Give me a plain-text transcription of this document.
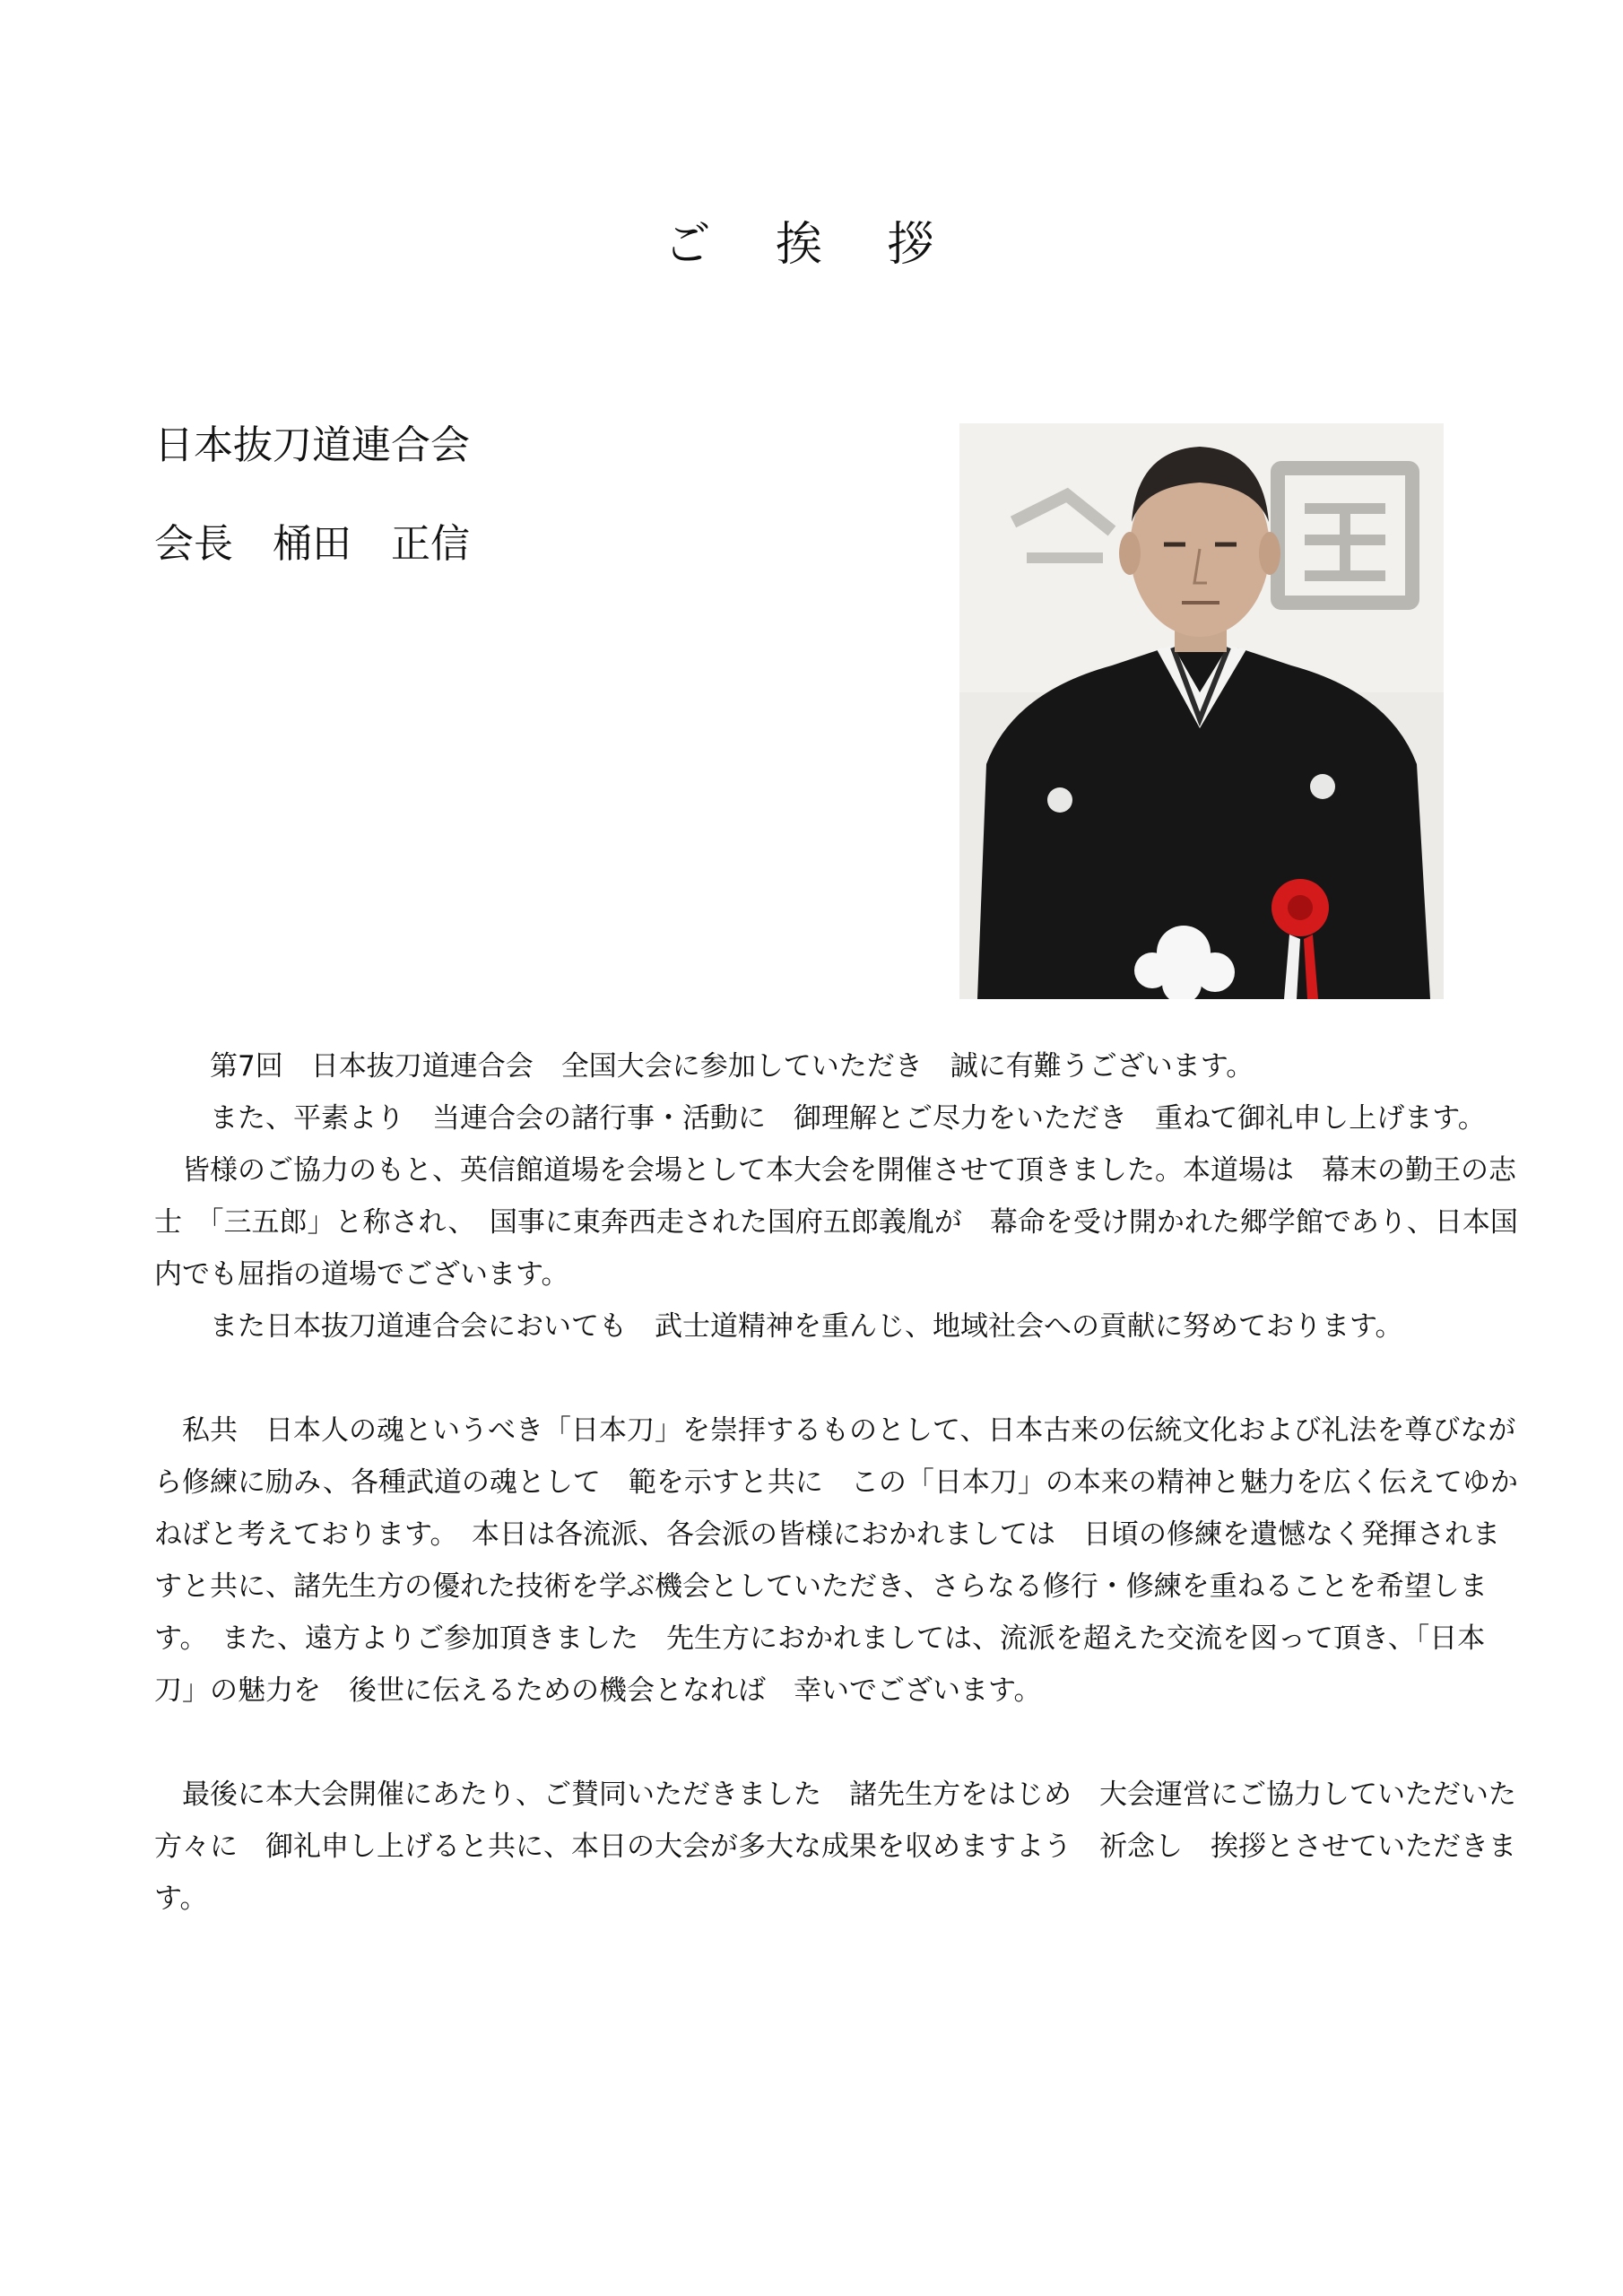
ご 挨 拶
日本抜刀道連合会
会長　桶田　正信

　　第7回　日本抜刀道連合会　全国大会に参加していただき　誠に有難うございます。

　　また、平素より　当連合会の諸行事・活動に　御理解とご尽力をいただき　重ねて御礼申し上げます。

　皆様のご協力のもと、英信館道場を会場として本大会を開催させて頂きました。本道場は　幕末の勤王の志士　「三五郎」と称され、　国事に東奔西走された国府五郎義胤が　幕命を受け開かれた郷学館であり、日本国内でも屈指の道場でございます。

　　また日本抜刀道連合会においても　武士道精神を重んじ、地域社会への貢献に努めております。

　私共　日本人の魂というべき「日本刀」を崇拝するものとして、日本古来の伝統文化および礼法を尊びながら修練に励み、各種武道の魂として　範を示すと共に　この「日本刀」の本来の精神と魅力を広く伝えてゆかねばと考えております。　本日は各流派、各会派の皆様におかれましては　日頃の修練を遺憾なく発揮されますと共に、諸先生方の優れた技術を学ぶ機会としていただき、さらなる修行・修練を重ねることを希望します。　また、遠方よりご参加頂きました　先生方におかれましては、流派を超えた交流を図って頂き、「日本刀」の魅力を　後世に伝えるための機会となれば　幸いでございます。

　最後に本大会開催にあたり、ご賛同いただきました　諸先生方をはじめ　大会運営にご協力していただいた方々に　御礼申し上げると共に、本日の大会が多大な成果を収めますよう　祈念し　挨拶とさせていただきます。
